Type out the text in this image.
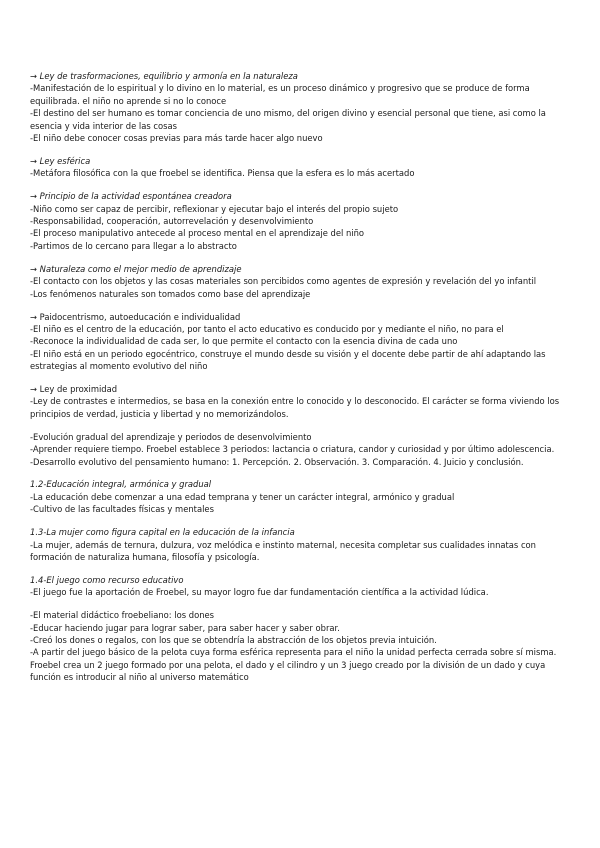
→ Ley de trasformaciones, equilibrio y armonía en la naturaleza

-Manifestación de lo espiritual y lo divino en lo material, es un proceso dinámico y progresivo que se produce de forma equilibrada. el niño no aprende si no lo conoce

-El destino del ser humano es tomar conciencia de uno mismo, del origen divino y esencial personal que tiene, asi como la esencia y vida interior de las cosas

-El niño debe conocer cosas previas para más tarde hacer algo nuevo

→ Ley esférica

-Metáfora filosófica con la que froebel se identifica. Piensa que la esfera es lo más acertado

→ Principio de la actividad espontánea creadora

-Niño como ser capaz de percibir, reflexionar y ejecutar bajo el interés del propio sujeto

-Responsabilidad, cooperación, autorrevelación y desenvolvimiento

-El proceso manipulativo antecede al proceso mental en el aprendizaje del niño

-Partimos de lo cercano para llegar a lo abstracto

→ Naturaleza como el mejor medio de aprendizaje

-El contacto con los objetos y las cosas materiales son percibidos como agentes de expresión y revelación del yo infantil

-Los fenómenos naturales son tomados como base del aprendizaje

→ Paidocentrismo, autoeducación e individualidad

-El niño es el centro de la educación, por tanto el acto educativo es conducido por y mediante el niño, no para el

-Reconoce la individualidad de cada ser, lo que permite el contacto con la esencia divina de cada uno

-El niño está en un periodo egocéntrico, construye el mundo desde su visión y el docente debe partir de ahí adaptando las estrategias al momento evolutivo del niño

→ Ley de proximidad

-Ley de contrastes e intermedios, se basa en la conexión entre lo conocido y lo desconocido. El carácter se forma viviendo los principios de verdad, justicia y libertad y no memorizándolos.

-Evolución gradual del aprendizaje y periodos de desenvolvimiento

-Aprender requiere tiempo. Froebel establece 3 periodos: lactancia o criatura, candor y curiosidad y por último adolescencia.

-Desarrollo evolutivo del pensamiento humano: 1. Percepción. 2. Observación. 3. Comparación. 4. Juicio y conclusión.

1.2-Educación integral, armónica y gradual

-La educación debe comenzar a una edad temprana y tener un carácter integral, armónico y gradual

-Cultivo de las facultades físicas y mentales

1.3-La mujer como figura capital en la educación de la infancia

-La mujer, además de ternura, dulzura, voz melódica e instinto maternal, necesita completar sus cualidades innatas con formación de naturaliza humana, filosofía y psicología.

1.4-El juego como recurso educativo

-El juego fue la aportación de Froebel, su mayor logro fue dar fundamentación científica a la actividad lúdica.

-El material didáctico froebeliano: los dones

-Educar haciendo jugar para lograr saber, para saber hacer y saber obrar.

-Creó los dones o regalos, con los que se obtendría la abstracción de los objetos previa intuición.

-A partir del juego básico de la pelota cuya forma esférica representa para el niño la unidad perfecta cerrada sobre sí misma. Froebel crea un 2 juego formado por una pelota, el dado y el cilindro y un 3 juego creado por la división de un dado y cuya función es introducir al niño al universo matemático
